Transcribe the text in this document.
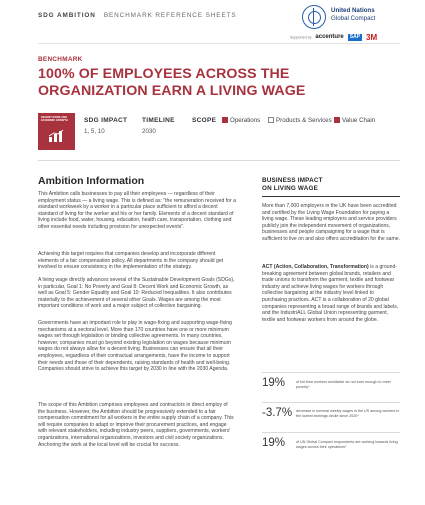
SDG AMBITION BENCHMARK REFERENCE SHEETS
United Nations
Global Compact
Supported by accenture SAP 3M
BENCHMARK
100% OF EMPLOYEES ACROSS THE ORGANIZATION EARN A LIVING WAGE
DECENT WORK AND ECONOMIC GROWTH	SDG IMPACT
1, 5, 10
TIMELINE
2030
SCOPE	Operations	Products & Services	Value Chain
Ambition Information
This Ambition calls businesses to pay all their employees — regardless of their employment status — a living wage. This is defined as: "the remuneration received for a standard workweek by a worker in a particular place sufficient to afford a decent standard of living for the worker and his or her family. Elements of a decent standard of living include food, water, housing, education, health care, transportation, clothing and other essential needs including provision for unexpected events".
Achieving this target requires that companies develop and incorporate different elements of a fair compensation policy. All departments in the company should get involved to ensure consistency in the implementation of the strategy.
A living wage directly advances several of the Sustainable Development Goals (SDGs), in particular, Goal 1: No Poverty and Goal 8: Decent Work and Economic Growth, as well as Goal 5: Gender Equality and Goal 10: Reduced Inequalities. It also contributes materially to the achievement of several other Goals. Wages are among the most important conditions of work and a major subject of collective bargaining.
Governments have an important role to play in wage-fixing and supporting wage-fixing mechanisms at a sectoral level. More than 170 countries have one or more minimum wages set through legislation or binding collective agreements. In many countries, however, companies must go beyond existing legislation on wages because minimum wages do not always allow for a decent living. Businesses can ensure that all their employees, regardless of their contractual arrangements, have the income to support their needs and those of their dependents, raising standards of health and well-being. Companies should strive to achieve this target by 2030 in line with the 2030 Agenda.
The scope of this Ambition comprises employees and contractors in direct employ of the business. However, the Ambition should be progressively extended to a fair compensation commitment for all workers in the entire supply chain of a company. This will require companies to adapt or improve their procurement practices, and engage with relevant stakeholders, including industry peers, suppliers, governments, workers' organizations, international organizations, investors and civil society organizations. Anchoring the work at the local level will be crucial for success.
BUSINESS IMPACT
ON LIVING WAGE
More than 7,000 employers in the UK have been accredited and certified by the Living Wage Foundation for paying a living wage. These leading employers and service providers publicly join the independent movement of organizations, businesses and people campaigning for a wage that is sufficient to live on and also offers accreditation for the same.
ACT (Action, Collaboration, Transformation) is a ground-breaking agreement between global brands, retailers and trade unions to transform the garment, textile and footwear industry and achieve living wages for workers through collective bargaining at the industry level linked to purchasing practices. ACT is a collaboration of 20 global companies representing a broad range of brands and labels, and the IndustriALL Global Union representing garment, textile and footwear workers from around the globe.
19%	of full-time workers worldwide do not earn enough to meet poverty*
-3.7% decrease in nominal weekly wages in the US among workers in the lowest earnings decile since 2020*
19%	of UN Global Compact respondents are working towards living wages across their operations*
